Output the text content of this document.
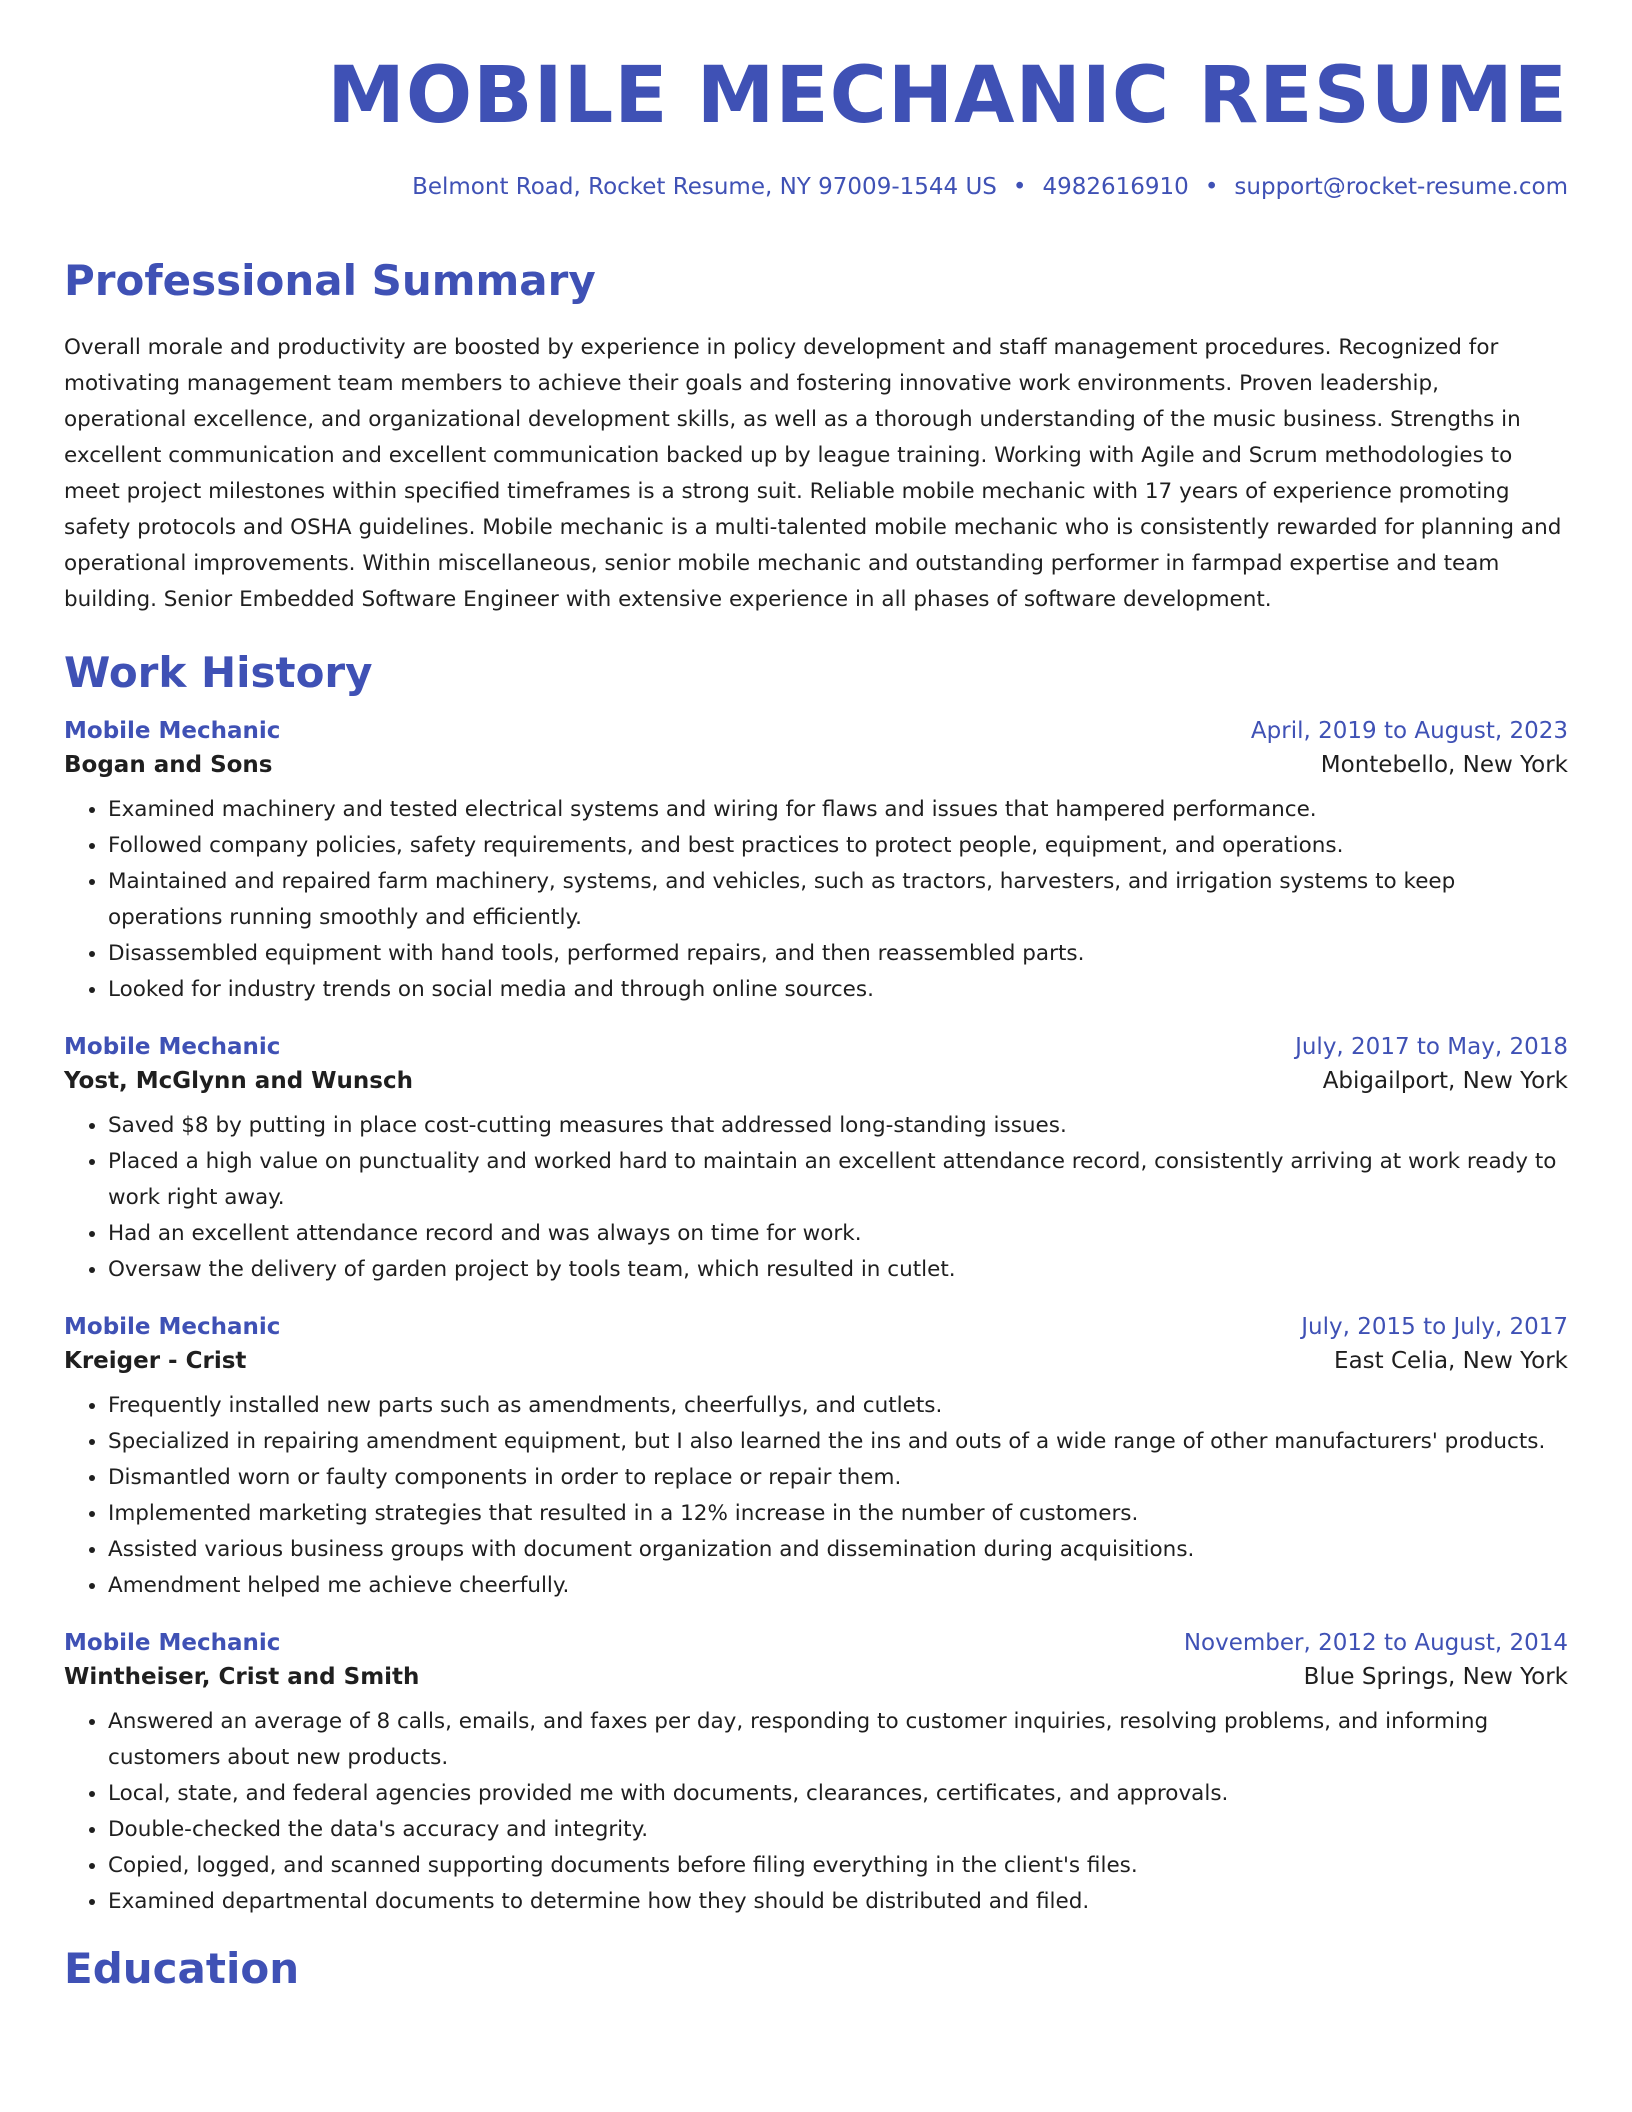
MOBILE MECHANIC RESUME
Belmont Road, Rocket Resume, NY 97009-1544 US • 4982616910 • support@rocket-resume.com
Professional Summary
Overall morale and productivity are boosted by experience in policy development and staff management procedures. Recognized for motivating management team members to achieve their goals and fostering innovative work environments. Proven leadership, operational excellence, and organizational development skills, as well as a thorough understanding of the music business. Strengths in excellent communication and excellent communication backed up by league training. Working with Agile and Scrum methodologies to meet project milestones within specified timeframes is a strong suit. Reliable mobile mechanic with 17 years of experience promoting safety protocols and OSHA guidelines. Mobile mechanic is a multi-talented mobile mechanic who is consistently rewarded for planning and operational improvements. Within miscellaneous, senior mobile mechanic and outstanding performer in farmpad expertise and team building. Senior Embedded Software Engineer with extensive experience in all phases of software development.
Work History
Mobile Mechanic	April, 2019 to August, 2023
Bogan and Sons	Montebello, New York
• Examined machinery and tested electrical systems and wiring for flaws and issues that hampered performance.
• Followed company policies, safety requirements, and best practices to protect people, equipment, and operations.
• Maintained and repaired farm machinery, systems, and vehicles, such as tractors, harvesters, and irrigation systems to keep operations running smoothly and efficiently.
• Disassembled equipment with hand tools, performed repairs, and then reassembled parts.
• Looked for industry trends on social media and through online sources.
Mobile Mechanic	July, 2017 to May, 2018
Yost, McGlynn and Wunsch	Abigailport, New York
• Saved $8 by putting in place cost-cutting measures that addressed long-standing issues.
• Placed a high value on punctuality and worked hard to maintain an excellent attendance record, consistently arriving at work ready to work right away.
• Had an excellent attendance record and was always on time for work.
• Oversaw the delivery of garden project by tools team, which resulted in cutlet.
Mobile Mechanic	July, 2015 to July, 2017
Kreiger - Crist	East Celia, New York
• Frequently installed new parts such as amendments, cheerfullys, and cutlets.
• Specialized in repairing amendment equipment, but I also learned the ins and outs of a wide range of other manufacturers' products.
• Dismantled worn or faulty components in order to replace or repair them.
• Implemented marketing strategies that resulted in a 12% increase in the number of customers.
• Assisted various business groups with document organization and dissemination during acquisitions.
• Amendment helped me achieve cheerfully.
Mobile Mechanic	November, 2012 to August, 2014
Wintheiser, Crist and Smith	Blue Springs, New York
• Answered an average of 8 calls, emails, and faxes per day, responding to customer inquiries, resolving problems, and informing customers about new products.
• Local, state, and federal agencies provided me with documents, clearances, certificates, and approvals.
• Double-checked the data's accuracy and integrity.
• Copied, logged, and scanned supporting documents before filing everything in the client's files.
• Examined departmental documents to determine how they should be distributed and filed.
Education
